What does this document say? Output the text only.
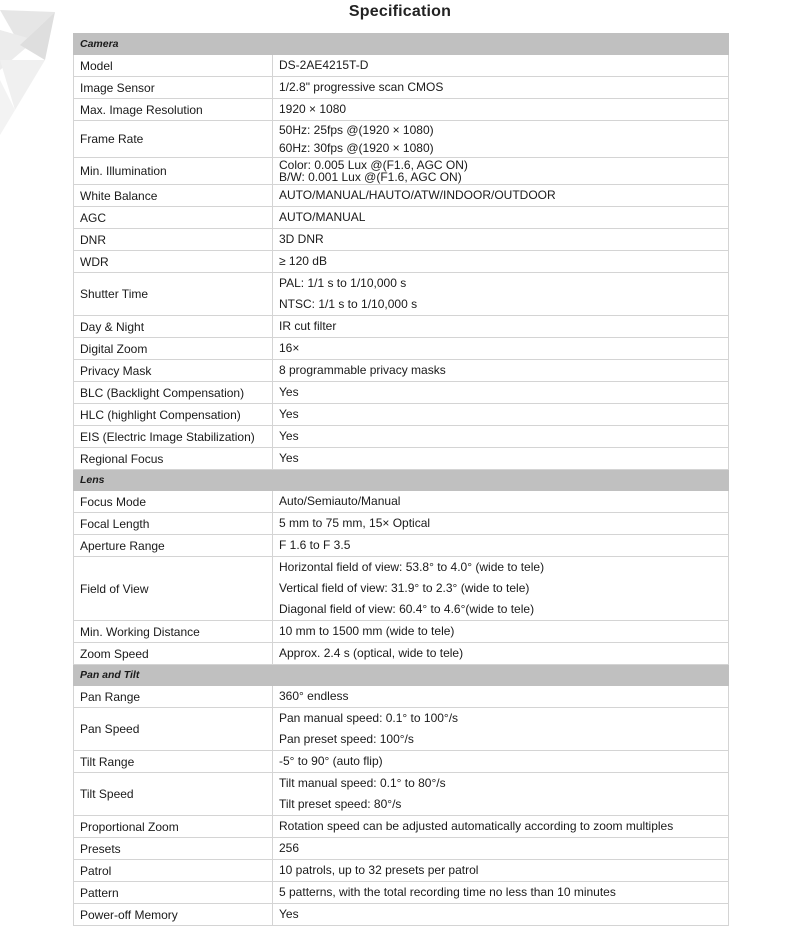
Specification
Camera	
Model	DS-2AE4215T-D

Image Sensor	1/2.8" progressive scan CMOS

Max. Image Resolution	1920 × 1080

Frame Rate	50Hz: 25fps @(1920 × 1080)
60Hz: 30fps @(1920 × 1080)

Min. Illumination	Color: 0.005 Lux @(F1.6, AGC ON)
B/W: 0.001 Lux @(F1.6, AGC ON)

White Balance	AUTO/MANUAL/HAUTO/ATW/INDOOR/OUTDOOR

AGC	AUTO/MANUAL

DNR	3D DNR

WDR	≥ 120 dB

Shutter Time	PAL: 1/1 s to 1/10,000 s
NTSC: 1/1 s to 1/10,000 s

Day & Night	IR cut filter

Digital Zoom	16×

Privacy Mask	8 programmable privacy masks

BLC (Backlight Compensation)	Yes

HLC (highlight Compensation)	Yes

EIS (Electric Image Stabilization)	Yes

Regional Focus	Yes

Lens	
Focus Mode	Auto/Semiauto/Manual

Focal Length	5 mm to 75 mm, 15× Optical

Aperture Range	F 1.6 to F 3.5

Field of View	Horizontal field of view: 53.8° to 4.0° (wide to tele)
Vertical field of view: 31.9° to 2.3° (wide to tele)
Diagonal field of view: 60.4° to 4.6°(wide to tele)

Min. Working Distance	10 mm to 1500 mm (wide to tele)

Zoom Speed	Approx. 2.4 s (optical, wide to tele)

Pan and Tilt	
Pan Range	360° endless

Pan Speed	Pan manual speed: 0.1° to 100°/s
Pan preset speed: 100°/s

Tilt Range	-5° to 90° (auto flip)

Tilt Speed	Tilt manual speed: 0.1° to 80°/s
Tilt preset speed: 80°/s

Proportional Zoom	Rotation speed can be adjusted automatically according to zoom multiples

Presets	256

Patrol	10 patrols, up to 32 presets per patrol

Pattern	5 patterns, with the total recording time no less than 10 minutes

Power-off Memory	Yes
